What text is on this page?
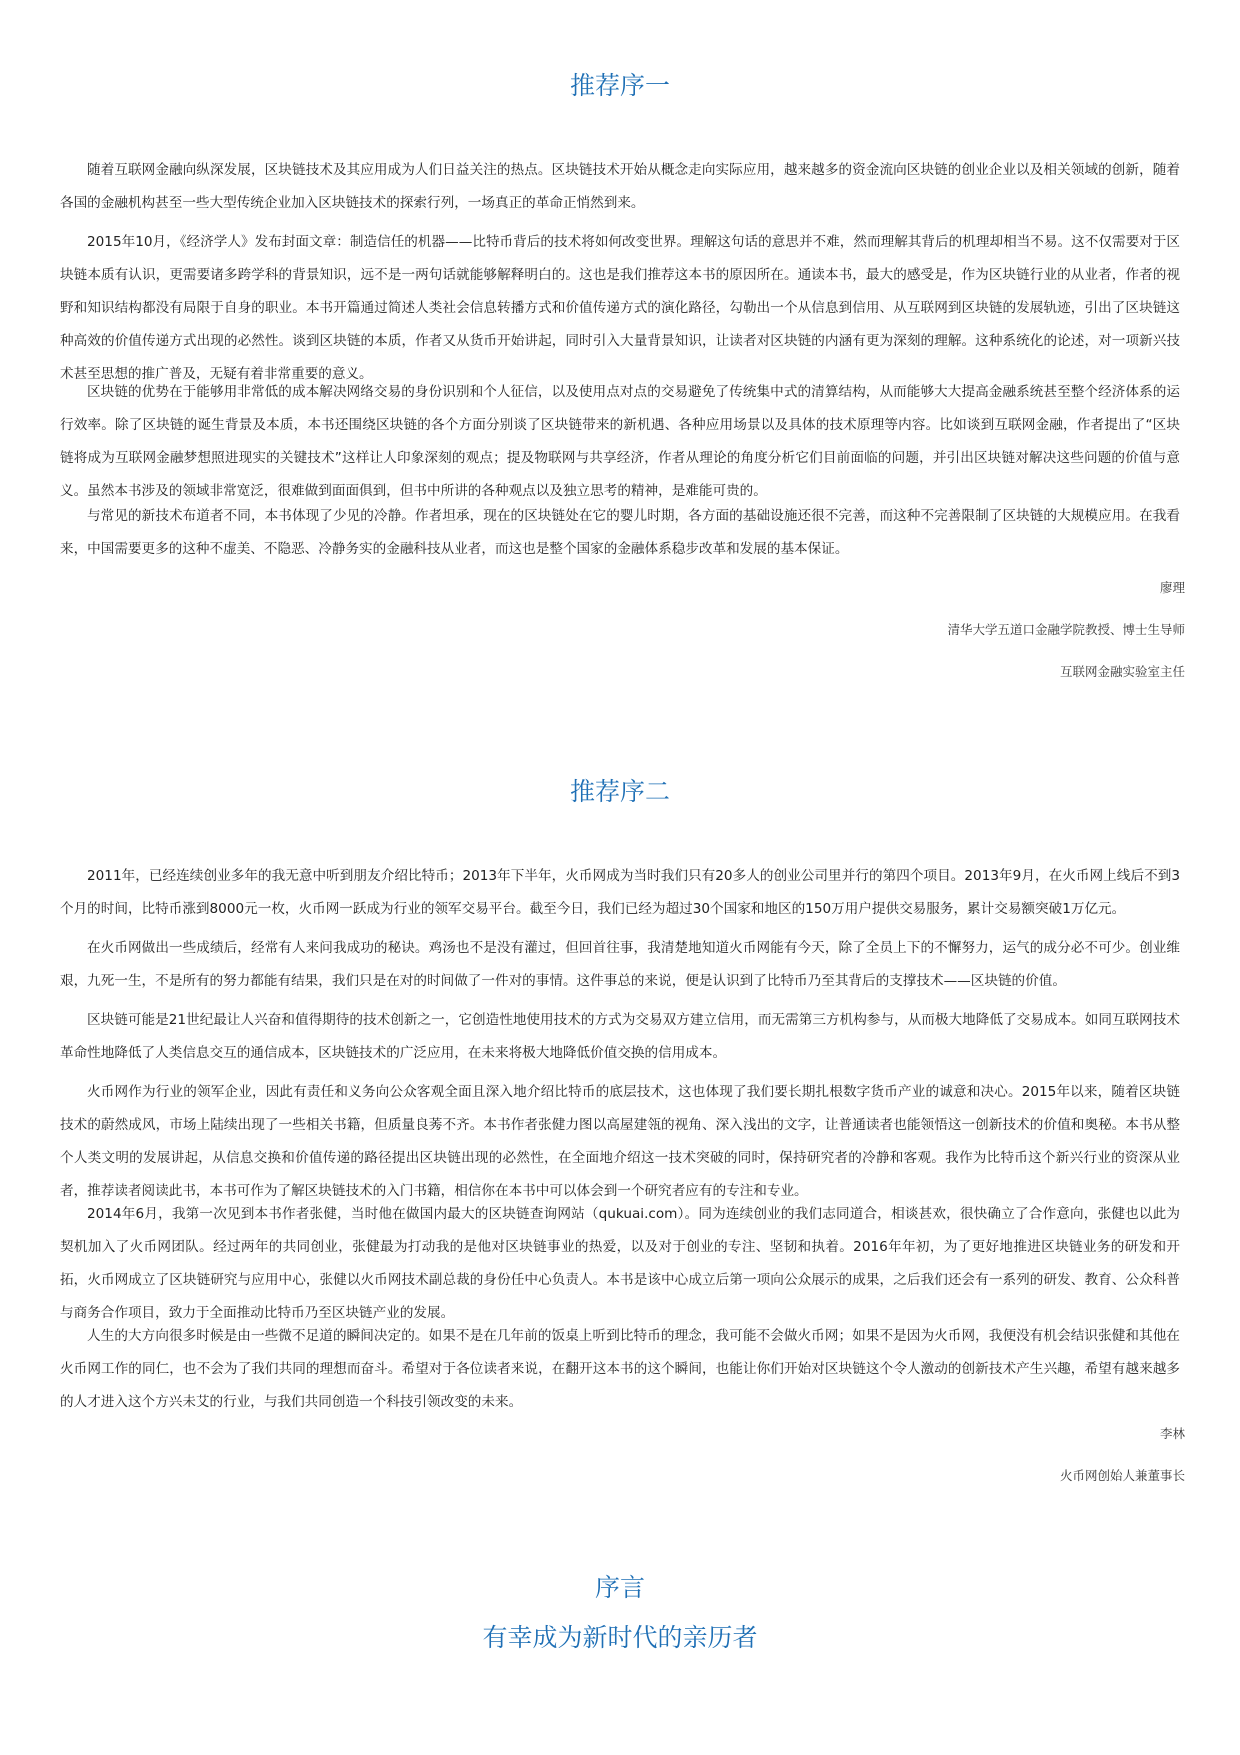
推荐序一

随着互联网金融向纵深发展，区块链技术及其应用成为人们日益关注的热点。区块链技术开始从概念走向实际应用，越来越多的资金流向区块链的创业企业以及相关领域的创新，随着各国的金融机构甚至一些大型传统企业加入区块链技术的探索行列，一场真正的革命正悄然到来。

2015年10月，《经济学人》发布封面文章：制造信任的机器——比特币背后的技术将如何改变世界。理解这句话的意思并不难，然而理解其背后的机理却相当不易。这不仅需要对于区块链本质有认识，更需要诸多跨学科的背景知识，远不是一两句话就能够解释明白的。这也是我们推荐这本书的原因所在。通读本书，最大的感受是，作为区块链行业的从业者，作者的视野和知识结构都没有局限于自身的职业。本书开篇通过简述人类社会信息转播方式和价值传递方式的演化路径，勾勒出一个从信息到信用、从互联网到区块链的发展轨迹，引出了区块链这种高效的价值传递方式出现的必然性。谈到区块链的本质，作者又从货币开始讲起，同时引入大量背景知识，让读者对区块链的内涵有更为深刻的理解。这种系统化的论述，对一项新兴技术甚至思想的推广普及，无疑有着非常重要的意义。

区块链的优势在于能够用非常低的成本解决网络交易的身份识别和个人征信，以及使用点对点的交易避免了传统集中式的清算结构，从而能够大大提高金融系统甚至整个经济体系的运行效率。除了区块链的诞生背景及本质，本书还围绕区块链的各个方面分别谈了区块链带来的新机遇、各种应用场景以及具体的技术原理等内容。比如谈到互联网金融，作者提出了“区块链将成为互联网金融梦想照进现实的关键技术”这样让人印象深刻的观点；提及物联网与共享经济，作者从理论的角度分析它们目前面临的问题，并引出区块链对解决这些问题的价值与意义。虽然本书涉及的领域非常宽泛，很难做到面面俱到，但书中所讲的各种观点以及独立思考的精神，是难能可贵的。

与常见的新技术布道者不同，本书体现了少见的冷静。作者坦承，现在的区块链处在它的婴儿时期，各方面的基础设施还很不完善，而这种不完善限制了区块链的大规模应用。在我看来，中国需要更多的这种不虚美、不隐恶、冷静务实的金融科技从业者，而这也是整个国家的金融体系稳步改革和发展的基本保证。

廖理

清华大学五道口金融学院教授、博士生导师

互联网金融实验室主任

推荐序二

2011年，已经连续创业多年的我无意中听到朋友介绍比特币；2013年下半年，火币网成为当时我们只有20多人的创业公司里并行的第四个项目。2013年9月，在火币网上线后不到3个月的时间，比特币涨到8000元一枚，火币网一跃成为行业的领军交易平台。截至今日，我们已经为超过30个国家和地区的150万用户提供交易服务，累计交易额突破1万亿元。

在火币网做出一些成绩后，经常有人来问我成功的秘诀。鸡汤也不是没有灌过，但回首往事，我清楚地知道火币网能有今天，除了全员上下的不懈努力，运气的成分必不可少。创业维艰，九死一生，不是所有的努力都能有结果，我们只是在对的时间做了一件对的事情。这件事总的来说，便是认识到了比特币乃至其背后的支撑技术——区块链的价值。

区块链可能是21世纪最让人兴奋和值得期待的技术创新之一，它创造性地使用技术的方式为交易双方建立信用，而无需第三方机构参与，从而极大地降低了交易成本。如同互联网技术革命性地降低了人类信息交互的通信成本，区块链技术的广泛应用，在未来将极大地降低价值交换的信用成本。

火币网作为行业的领军企业，因此有责任和义务向公众客观全面且深入地介绍比特币的底层技术，这也体现了我们要长期扎根数字货币产业的诚意和决心。2015年以来，随着区块链技术的蔚然成风，市场上陆续出现了一些相关书籍，但质量良莠不齐。本书作者张健力图以高屋建瓴的视角、深入浅出的文字，让普通读者也能领悟这一创新技术的价值和奥秘。本书从整个人类文明的发展讲起，从信息交换和价值传递的路径提出区块链出现的必然性，在全面地介绍这一技术突破的同时，保持研究者的冷静和客观。我作为比特币这个新兴行业的资深从业者，推荐读者阅读此书，本书可作为了解区块链技术的入门书籍，相信你在本书中可以体会到一个研究者应有的专注和专业。

2014年6月，我第一次见到本书作者张健，当时他在做国内最大的区块链查询网站（qukuai.com）。同为连续创业的我们志同道合，相谈甚欢，很快确立了合作意向，张健也以此为契机加入了火币网团队。经过两年的共同创业，张健最为打动我的是他对区块链事业的热爱，以及对于创业的专注、坚韧和执着。2016年年初，为了更好地推进区块链业务的研发和开拓，火币网成立了区块链研究与应用中心，张健以火币网技术副总裁的身份任中心负责人。本书是该中心成立后第一项向公众展示的成果，之后我们还会有一系列的研发、教育、公众科普与商务合作项目，致力于全面推动比特币乃至区块链产业的发展。

人生的大方向很多时候是由一些微不足道的瞬间决定的。如果不是在几年前的饭桌上听到比特币的理念，我可能不会做火币网；如果不是因为火币网，我便没有机会结识张健和其他在火币网工作的同仁，也不会为了我们共同的理想而奋斗。希望对于各位读者来说，在翻开这本书的这个瞬间，也能让你们开始对区块链这个令人激动的创新技术产生兴趣，希望有越来越多的人才进入这个方兴未艾的行业，与我们共同创造一个科技引领改变的未来。

李林

火币网创始人兼董事长

序言
有幸成为新时代的亲历者
